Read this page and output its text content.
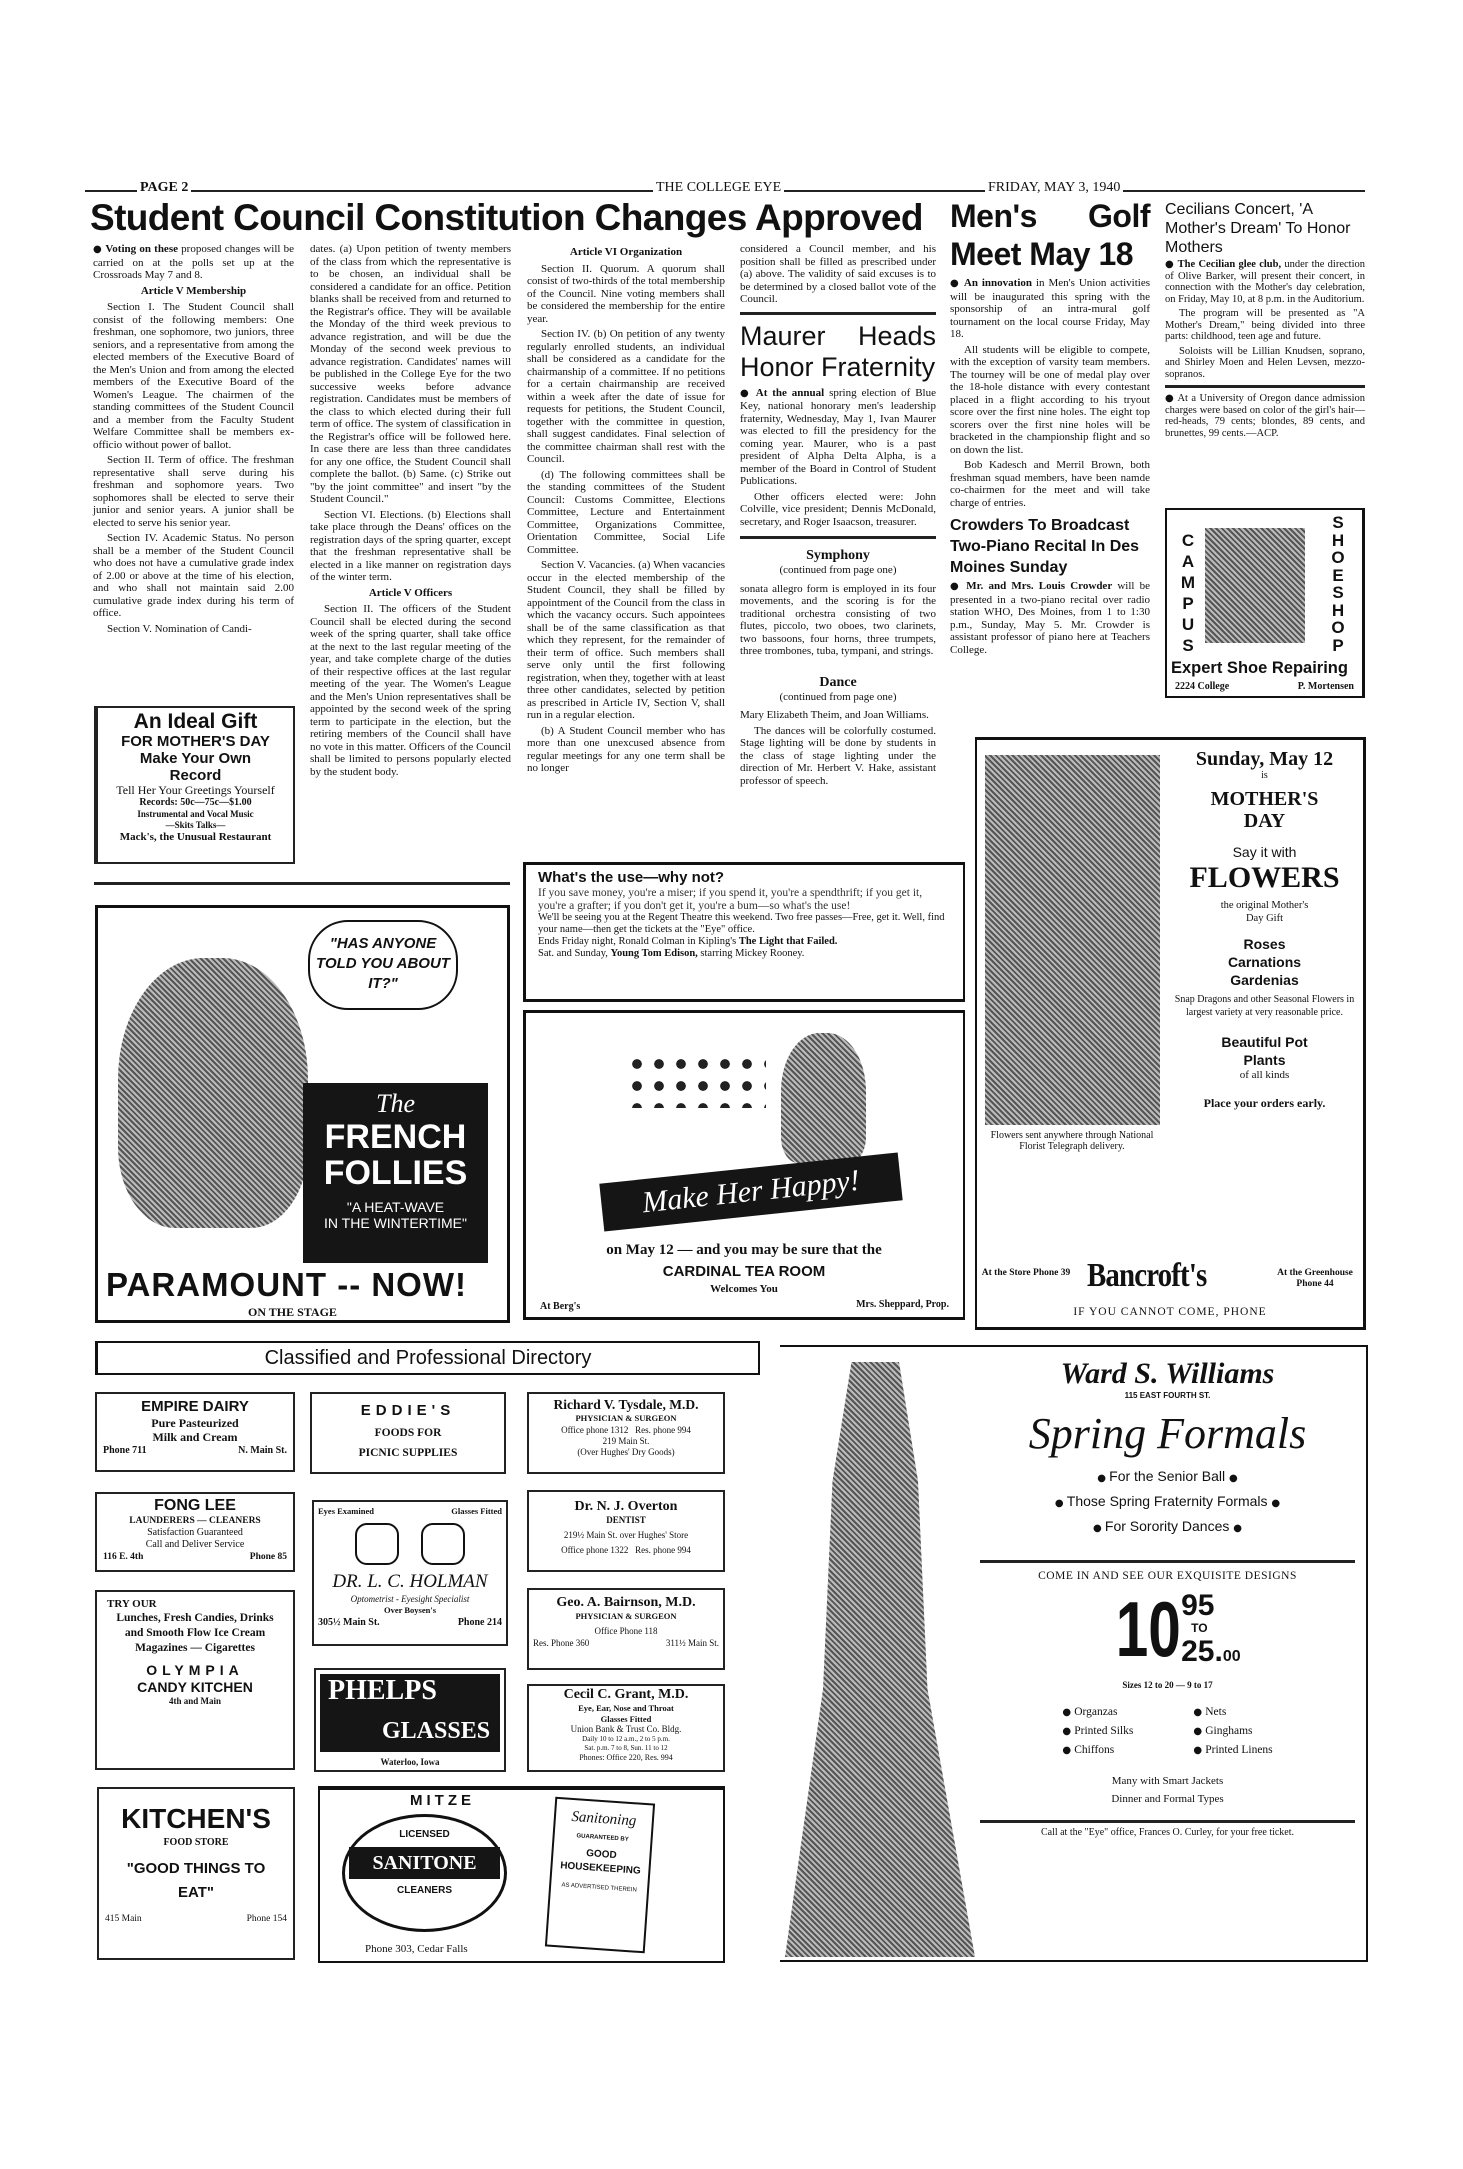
PAGE 2	THE COLLEGE EYE	FRIDAY, MAY 3, 1940
Student Council Constitution Changes Approved

● Voting on these proposed changes will be carried on at the polls set up at the Crossroads May 7 and 8.

Article V Membership

Section I. The Student Council shall consist of the following members: One freshman, one sophomore, two juniors, three seniors, and a representative from among the elected members of the Executive Board of the Men's Union and from among the elected members of the Executive Board of the Women's League. The chairmen of the standing committees of the Student Council and a member from the Faculty Student Welfare Committee shall be members ex-officio without power of ballot.

Section II. Term of office. The freshman representative shall serve during his freshman and sophomore years. Two sophomores shall be elected to serve their junior and senior years. A junior shall be elected to serve his senior year.

Section IV. Academic Status. No person shall be a member of the Student Council who does not have a cumulative grade index of 2.00 or above at the time of his election, and who shall not maintain said 2.00 cumulative grade index during his term of office.

Section V. Nomination of Candi-

dates. (a) Upon petition of twenty members of the class from which the representative is to be chosen, an individual shall be considered a candidate for an office. Petition blanks shall be received from and returned to the Registrar's office. They will be available the Monday of the third week previous to advance registration, and will be due the Monday of the second week previous to advance registration. Candidates' names will be published in the College Eye for the two successive weeks before advance registration. Candidates must be members of the class to which elected during their full term of office. The system of classification in the Registrar's office will be followed here. In case there are less than three candidates for any one office, the Student Council shall complete the ballot. (b) Same. (c) Strike out "by the joint committee" and insert "by the Student Council."

Section VI. Elections. (b) Elections shall take place through the Deans' offices on the registration days of the spring quarter, except that the freshman representative shall be elected in a like manner on registration days of the winter term.

Article V Officers

Section II. The officers of the Student Council shall be elected during the second week of the spring quarter, shall take office at the next to the last regular meeting of the year, and take complete charge of the duties of their respective offices at the last regular meeting of the year. The Women's League and the Men's Union representatives shall be appointed by the second week of the spring term to participate in the election, but the retiring members of the Council shall have no vote in this matter. Officers of the Council shall be limited to persons popularly elected by the student body.

Article VI Organization

Section II. Quorum. A quorum shall consist of two-thirds of the total membership of the Council. Nine voting members shall be considered the membership for the entire year.

Section IV. (b) On petition of any twenty regularly enrolled students, an individual shall be considered as a candidate for the chairmanship of a committee. If no petitions for a certain chairmanship are received within a week after the date of issue for requests for petitions, the Student Council, together with the committee in question, shall suggest candidates. Final selection of the committee chairman shall rest with the Council.

(d) The following committees shall be the standing committees of the Student Council: Customs Committee, Elections Committee, Lecture and Entertainment Committee, Organizations Committee, Orientation Committee, Social Life Committee.

Section V. Vacancies. (a) When vacancies occur in the elected membership of the Student Council, they shall be filled by appointment of the Council from the class in which the vacancy occurs. Such appointees shall be of the same classification as that which they represent, for the remainder of their term of office. Such members shall serve only until the first following registration, when they, together with at least three other candidates, selected by petition as prescribed in Article IV, Section V, shall run in a regular election.

(b) A Student Council member who has more than one unexcused absence from regular meetings for any one term shall be no longer

considered a Council member, and his position shall be filled as prescribed under (a) above. The validity of said excuses is to be determined by a closed ballot vote of the Council.

Maurer Heads Honor Fraternity

● At the annual spring election of Blue Key, national honorary men's leadership fraternity, Wednesday, May 1, Ivan Maurer was elected to fill the presidency for the coming year. Maurer, who is a past president of Alpha Delta Alpha, is a member of the Board in Control of Student Publications.

Other officers elected were: John Colville, vice president; Dennis McDonald, secretary, and Roger Isaacson, treasurer.

Symphony

(continued from page one)

sonata allegro form is employed in its four movements, and the scoring is for the traditional orchestra consisting of two flutes, piccolo, two oboes, two clarinets, two bassoons, four horns, three trumpets, three trombones, tuba, tympani, and strings.

Dance

(continued from page one)

Mary Elizabeth Theim, and Joan Williams.

The dances will be colorfully costumed. Stage lighting will be done by students in the class of stage lighting under the direction of Mr. Herbert V. Hake, assistant professor of speech.

An Ideal Gift
FOR MOTHER'S DAY
Make Your Own
Record
Tell Her Your Greetings Yourself
Records: 50c—75c—$1.00
Instrumental and Vocal Music
—Skits Talks—
Mack's, the Unusual Restaurant
"HAS ANYONE TOLD YOU ABOUT IT?"
The
FRENCH
FOLLIES
"A HEAT-WAVE
IN THE WINTERTIME"
PARAMOUNT -- NOW!
ON THE STAGE
What's the use—why not?
If you save money, you're a miser; if you spend it, you're a spendthrift; if you get it, you're a grafter; if you don't get it, you're a bum—so what's the use!
We'll be seeing you at the Regent Theatre this weekend. Two free passes—Free, get it. Well, find your name—then get the tickets at the "Eye" office.
Ends Friday night, Ronald Colman in Kipling's The Light that Failed.
Sat. and Sunday, Young Tom Edison, starring Mickey Rooney.
Make Her Happy!
on May 12 — and you may be sure that the
CARDINAL TEA ROOM
Welcomes You
At Berg's	Mrs. Sheppard, Prop.
Men's Golf Meet May 18

● An innovation in Men's Union activities will be inaugurated this spring with the sponsorship of an intra-mural golf tournament on the local course Friday, May 18.

All students will be eligible to compete, with the exception of varsity team members. The tourney will be one of medal play over the 18-hole distance with every contestant placed in a flight according to his tryout score over the first nine holes. The eight top scorers over the first nine holes will be bracketed in the championship flight and so on down the list.

Bob Kadesch and Merril Brown, both freshman squad members, have been namde co-chairmen for the meet and will take charge of entries.

Crowders To Broadcast Two-Piano Recital In Des Moines Sunday

● Mr. and Mrs. Louis Crowder will be presented in a two-piano recital over radio station WHO, Des Moines, from 1 to 1:30 p.m., Sunday, May 5. Mr. Crowder is assistant professor of piano here at Teachers College.

Cecilians Concert, 'A Mother's Dream' To Honor Mothers

● The Cecilian glee club, under the direction of Olive Barker, will present their concert, in connection with the Mother's day celebration, on Friday, May 10, at 8 p.m. in the Auditorium.

The program will be presented as "A Mother's Dream," being divided into three parts: childhood, teen age and future.

Soloists will be Lillian Knudsen, soprano, and Shirley Moen and Helen Levsen, mezzo-sopranos.

● At a University of Oregon dance admission charges were based on color of the girl's hair—red-heads, 79 cents; blondes, 89 cents, and brunettes, 99 cents.—ACP.

CAMPUS
SHOESHOP
Expert Shoe Repairing
2224 College	P. Mortensen
Flowers sent anywhere through National Florist Telegraph delivery.
Sunday, May 12
is
MOTHER'S DAY
Say it with
FLOWERS
the original Mother's Day Gift
Roses
Carnations
Gardenias
Snap Dragons and other Seasonal Flowers in largest variety at very reasonable price.
Beautiful Pot Plants
of all kinds
Place your orders early.
At the Store Phone 39 Bancroft's	At the Greenhouse Phone 44
IF YOU CANNOT COME, PHONE
Classified and Professional Directory
EMPIRE DAIRY
Pure Pasteurized
Milk and Cream
Phone 711	N. Main St.
EDDIE'S
FOODS FOR
PICNIC SUPPLIES
Richard V. Tysdale, M.D.
PHYSICIAN & SURGEON
Office phone 1312   Res. phone 994
219 Main St.
(Over Hughes' Dry Goods)
FONG LEE
LAUNDERERS — CLEANERS
Satisfaction Guaranteed
Call and Deliver Service
116 E. 4th	Phone 85
Eyes Examined	Glasses Fitted
DR. L. C. HOLMAN
Optometrist - Eyesight Specialist
Over Boysen's
305½ Main St.	Phone 214
Dr. N. J. Overton
DENTIST
219½ Main St. over Hughes' Store
Office phone 1322   Res. phone 994
TRY OUR
Lunches, Fresh Candies, Drinks and Smooth Flow Ice Cream
Magazines — Cigarettes
OLYMPIA
CANDY KITCHEN
4th and Main	PHELPS
GLASSES
Waterloo, Iowa
Geo. A. Bairnson, M.D.
PHYSICIAN & SURGEON
Office Phone 118
Res. Phone 360	311½ Main St.
Cecil C. Grant, M.D.
Eye, Ear, Nose and Throat
Glasses Fitted
Union Bank & Trust Co. Bldg.
Daily 10 to 12 a.m., 2 to 5 p.m.
Sat. p.m. 7 to 8, Sun. 11 to 12
Phones: Office 220, Res. 994
KITCHEN'S
FOOD STORE
"GOOD THINGS TO EAT"
415 Main	Phone 154
MITZE
LICENSED
SANITONE
CLEANERS
Sanitoning
GUARANTEED BY
GOOD HOUSEKEEPING
AS ADVERTISED THEREIN
Phone 303, Cedar Falls
Ward S. Williams
115 EAST FOURTH ST.
Spring Formals
● For the Senior Ball ●
● Those Spring Fraternity Formals ●
● For Sorority Dances ●
COME IN AND SEE OUR EXQUISITE DESIGNS
10 95
TO
25.00
Sizes 12 to 20 — 9 to 17
● Organzas
● Printed Silks
● Chiffons
● Nets
● Ginghams
● Printed Linens
Many with Smart Jackets
Dinner and Formal Types
Call at the "Eye" office, Frances O. Curley, for your free ticket.
